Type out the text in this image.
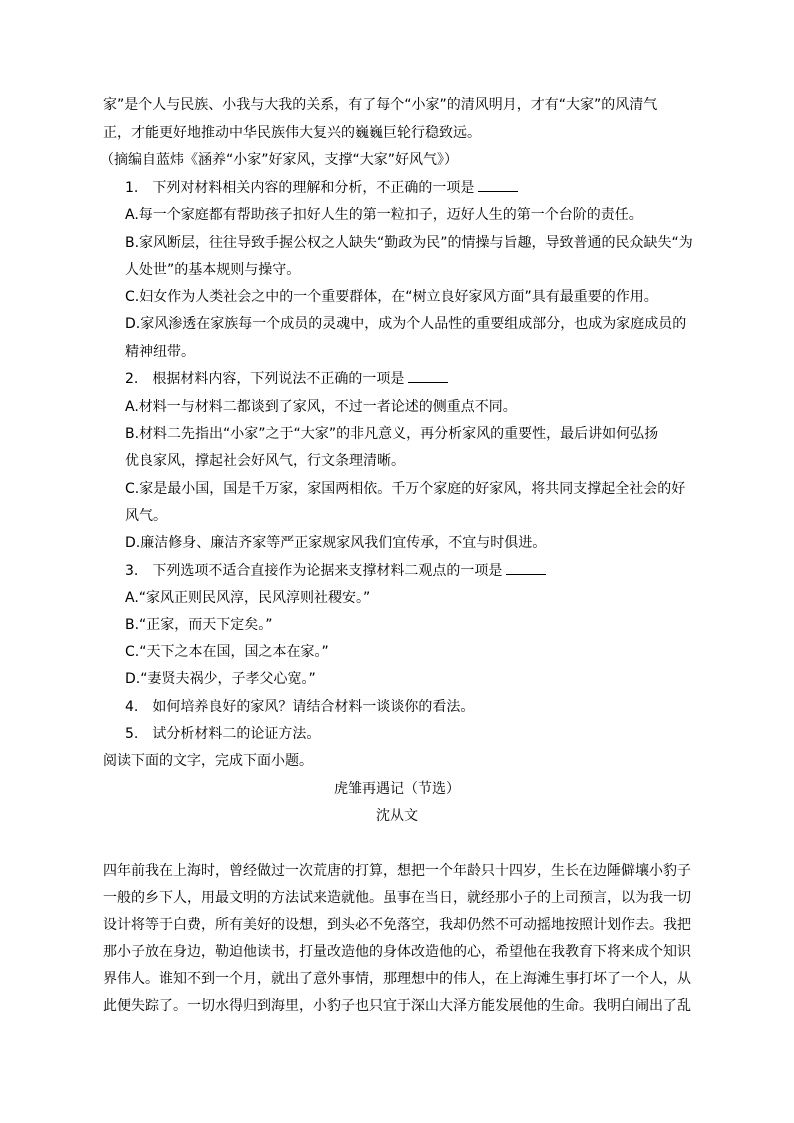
家”是个人与民族、小我与大我的关系，有了每个“小家”的清风明月，才有“大家”的风清气
正，才能更好地推动中华民族伟大复兴的巍巍巨轮行稳致远。
（摘编自蓝炜《涵养“小家”好家风，支撑“大家”好风气》）
1.　下列对材料相关内容的理解和分析，不正确的一项是
A.每一个家庭都有帮助孩子扣好人生的第一粒扣子，迈好人生的第一个台阶的责任。
B.家风断层，往往导致手握公权之人缺失“勤政为民”的情操与旨趣，导致普通的民众缺失“为
人处世”的基本规则与操守。
C.妇女作为人类社会之中的一个重要群体，在“树立良好家风方面”具有最重要的作用。
D.家风渗透在家族每一个成员的灵魂中，成为个人品性的重要组成部分，也成为家庭成员的
精神纽带。
2.　根据材料内容，下列说法不正确的一项是
A.材料一与材料二都谈到了家风，不过一者论述的侧重点不同。
B.材料二先指出“小家”之于“大家”的非凡意义，再分析家风的重要性，最后讲如何弘扬
优良家风，撑起社会好风气，行文条理清晰。
C.家是最小国，国是千万家，家国两相依。千万个家庭的好家风，将共同支撑起全社会的好
风气。
D.廉洁修身、廉洁齐家等严正家规家风我们宜传承，不宜与时俱进。
3.　下列选项不适合直接作为论据来支撑材料二观点的一项是
A.“家风正则民风淳，民风淳则社稷安。”
B.“正家，而天下定矣。”
C.“天下之本在国，国之本在家。”
D.“妻贤夫祸少，子孝父心宽。”
4.　如何培养良好的家风？请结合材料一谈谈你的看法。
5.　试分析材料二的论证方法。
阅读下面的文字，完成下面小题。
虎雏再遇记（节选）
沈从文
四年前我在上海时，曾经做过一次荒唐的打算，想把一个年龄只十四岁，生长在边陲僻壤小豹子
一般的乡下人，用最文明的方法试来造就他。虽事在当日，就经那小子的上司预言，以为我一切
设计将等于白费，所有美好的设想，到头必不免落空，我却仍然不可动摇地按照计划作去。我把
那小子放在身边，勒迫他读书，打量改造他的身体改造他的心，希望他在我教育下将来成个知识
界伟人。谁知不到一个月，就出了意外事情，那理想中的伟人，在上海滩生事打坏了一个人，从
此便失踪了。一切水得归到海里，小豹子也只宜于深山大泽方能发展他的生命。我明白闹出了乱
